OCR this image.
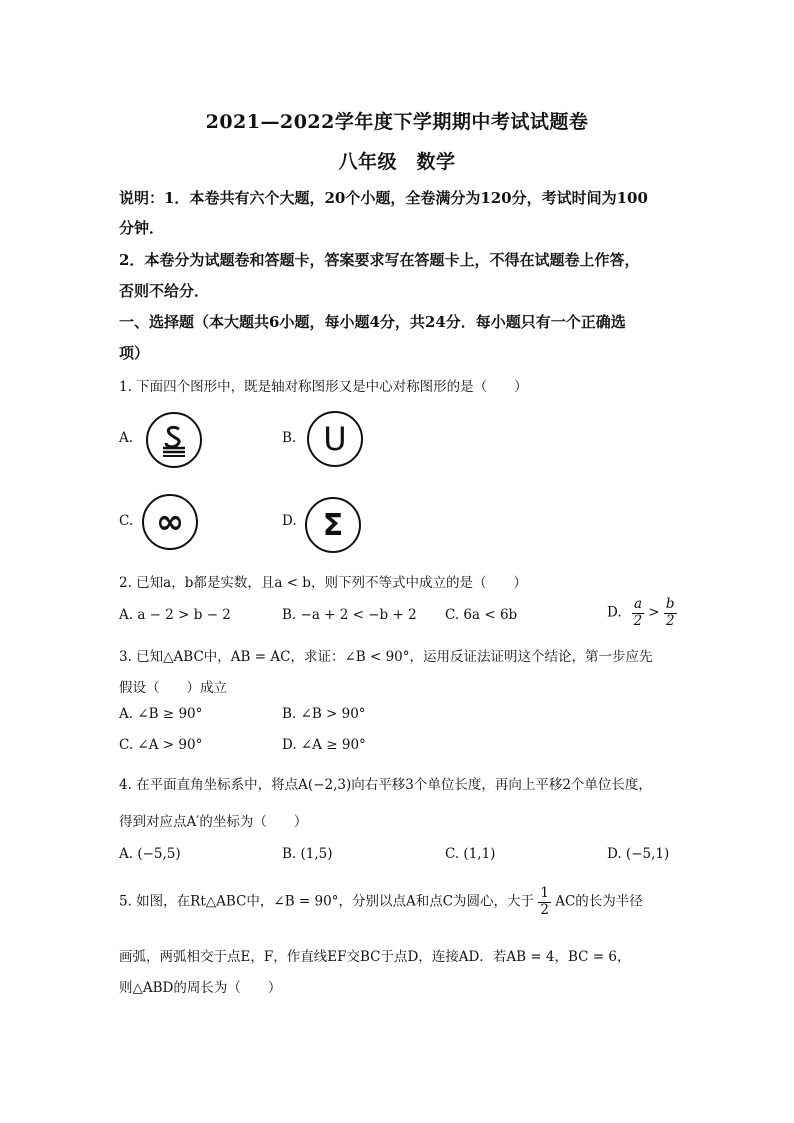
2021—2022学年度下学期期中考试试题卷
八年级　数学
说明：1．本卷共有六个大题，20个小题，全卷满分为120分，考试时间为100
分钟．
2．本卷分为试题卷和答题卡，答案要求写在答题卡上，不得在试题卷上作答，
否则不给分．
一、选择题（本大题共6小题，每小题4分，共24分．每小题只有一个正确选
项）
1. 下面四个图形中，既是轴对称图形又是中心对称图形的是（　　）
A.	B. U
C. ∞	D. Σ
2. 已知a，b都是实数，且a < b，则下列不等式中成立的是（　　）
A. a − 2 > b − 2	B. −a + 2 < −b + 2 C. 6a < 6b	D. $\frac{a}{2} > \frac{b}{2}$
3. 已知△ABC中，AB = AC，求证：∠B < 90°，运用反证法证明这个结论，第一步应先
假设（　　）成立
A. ∠B ≥ 90°	B. ∠B > 90°
C. ∠A > 90°	D. ∠A ≥ 90°
4. 在平面直角坐标系中，将点A(−2,3)向右平移3个单位长度，再向上平移2个单位长度，
得到对应点A′的坐标为（　　）
A. (−5,5)	B. (1,5)	C. (1,1)	D. (−5,1)
5. 如图，在Rt△ABC中，∠B = 90°，分别以点A和点C为圆心，大于 $\frac{1}{2}$ AC的长为半径
画弧，两弧相交于点E，F，作直线EF交BC于点D，连接AD．若AB = 4，BC = 6，
则△ABD的周长为（　　）
